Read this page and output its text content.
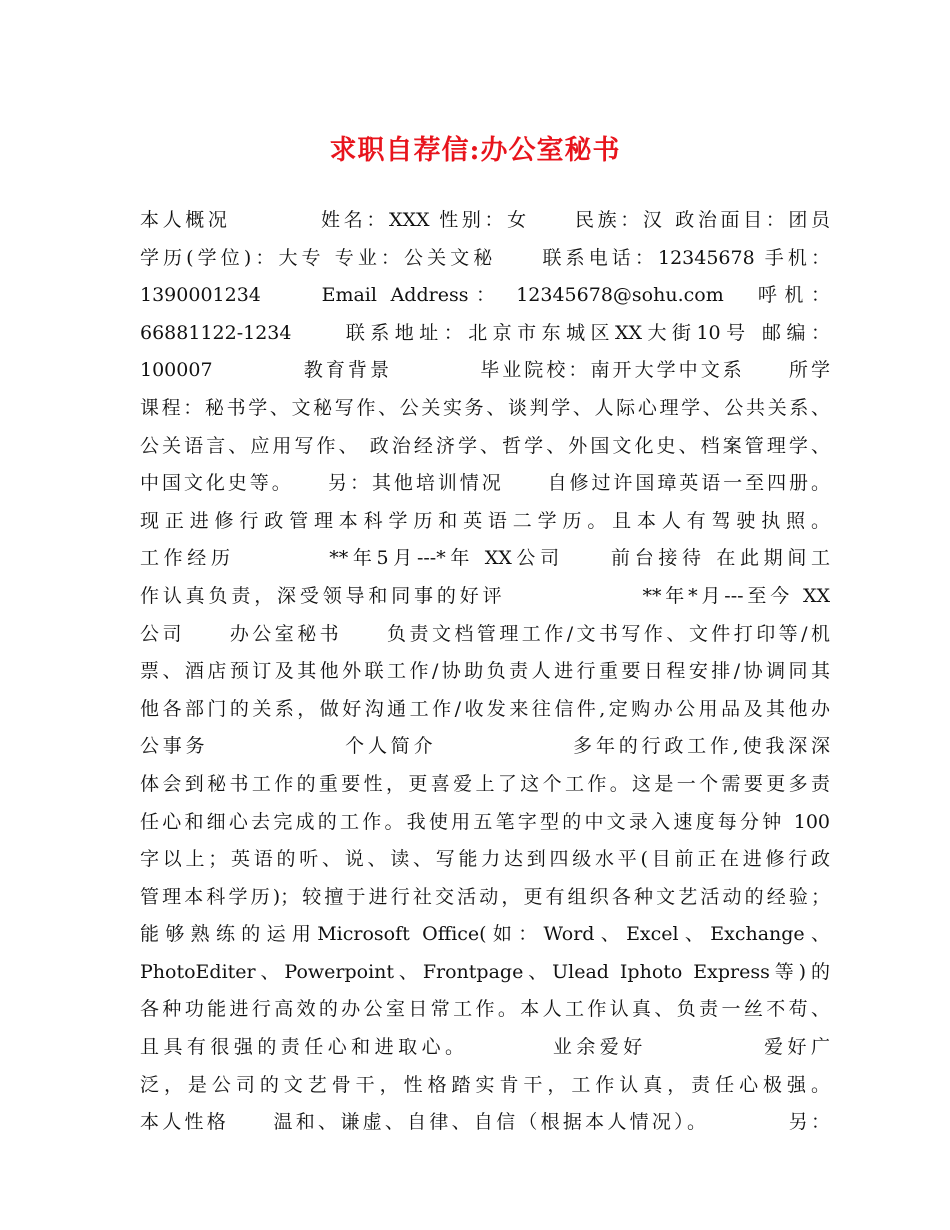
求职自荐信:办公室秘书
本人概况　　　　姓名：XXX 性别：女　　民族：汉 政治面目：团员
学历(学位)：大专 专业：公关文秘　　联系电话：12345678 手机：
1390001234　　Email Address： 12345678@sohu.com　呼机：
66881122-1234　　联系地址：北京市东城区XX大街10号 邮编：
100007　　　　教育背景　　　　毕业院校：南开大学中文系　　所学
课程：秘书学、文秘写作、公关实务、谈判学、人际心理学、公共关系、
公关语言、应用写作、 政治经济学、哲学、外国文化史、档案管理学、
中国文化史等。　　另：其他培训情况　　自修过许国璋英语一至四册。
现正进修行政管理本科学历和英语二学历。且本人有驾驶执照。
工作经历　　　　**年5月---*年 XX公司　　前台接待 在此期间工
作认真负责，深受领导和同事的好评　　　　　　**年*月---至今 XX
公司　　办公室秘书　　负责文档管理工作/文书写作、文件打印等/机
票、酒店预订及其他外联工作/协助负责人进行重要日程安排/协调同其
他各部门的关系，做好沟通工作/收发来往信件,定购办公用品及其他办
公事务　　　　　　个人简介　　　　　　多年的行政工作,使我深深
体会到秘书工作的重要性，更喜爱上了这个工作。这是一个需要更多责
任心和细心去完成的工作。我使用五笔字型的中文录入速度每分钟 100
字以上；英语的听、说、读、写能力达到四级水平(目前正在进修行政
管理本科学历)；较擅于进行社交活动，更有组织各种文艺活动的经验；
能够熟练的运用Microsoft Office(如：Word、Excel、Exchange、
PhotoEditer、Powerpoint、Frontpage、Ulead Iphoto Express等)的
各种功能进行高效的办公室日常工作。本人工作认真、负责一丝不苟、
且具有很强的责任心和进取心。　　　　业余爱好　　　　　爱好广
泛，是公司的文艺骨干，性格踏实肯干，工作认真，责任心极强。
本人性格　　温和、谦虚、自律、自信（根据本人情况）。　　　　另：
